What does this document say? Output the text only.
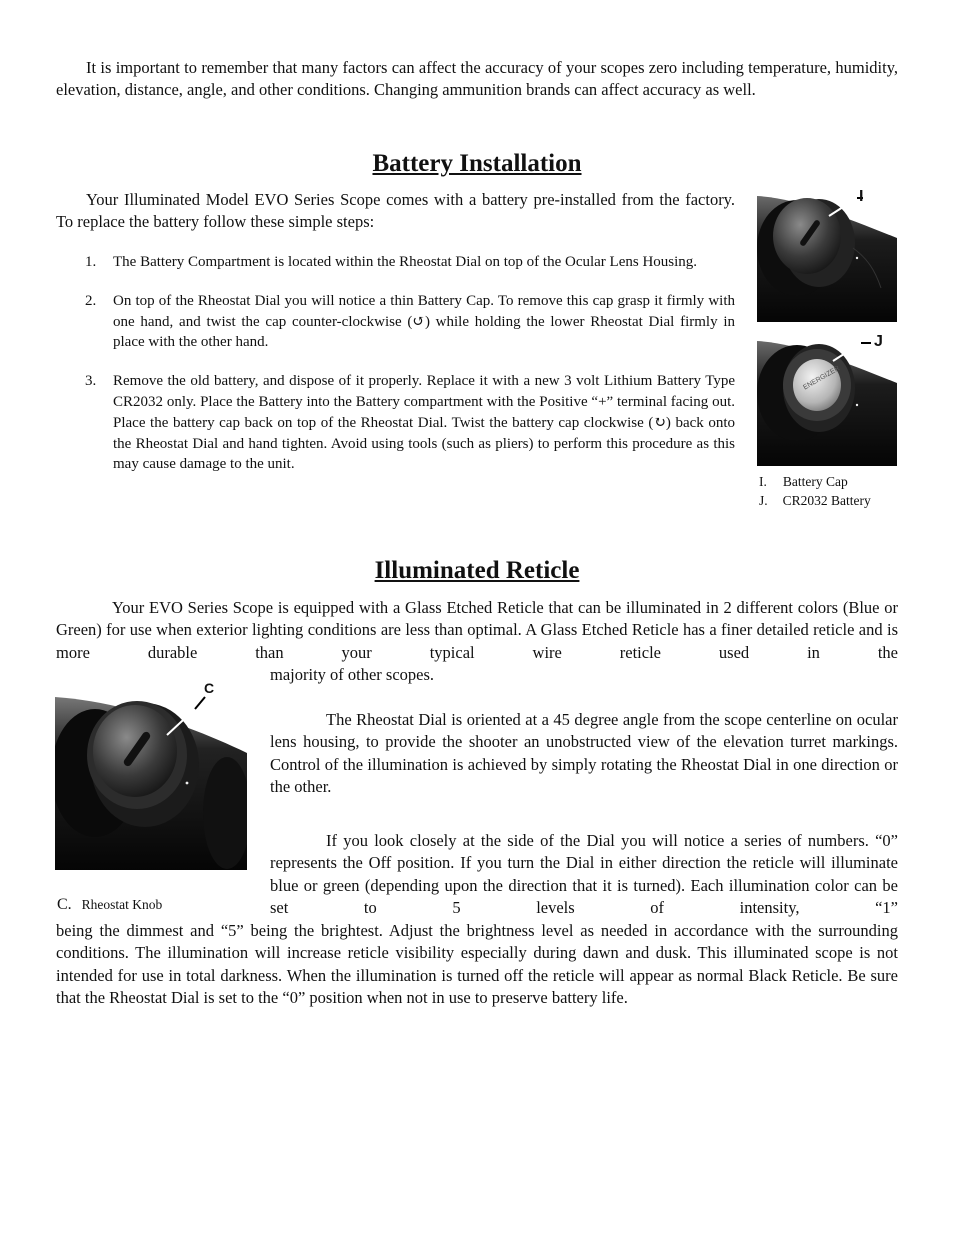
It is important to remember that many factors can affect the accuracy of your scopes zero including temperature, humidity, elevation, distance, angle, and other conditions. Changing ammunition brands can affect accuracy as well.

Battery Installation

Your Illuminated Model EVO Series Scope comes with a battery pre-installed from the factory. To replace the battery follow these simple steps:

1. The Battery Compartment is located within the Rheostat Dial on top of the Ocular Lens Housing.
2. On top of the Rheostat Dial you will notice a thin Battery Cap. To remove this cap grasp it firmly with one hand, and twist the cap counter-clockwise (↺) while holding the lower Rheostat Dial firmly in place with the other hand.
3. Remove the old battery, and dispose of it properly. Replace it with a new 3 volt Lithium Battery Type CR2032 only. Place the Battery into the Battery compartment with the Positive “+” terminal facing out. Place the battery cap back on top of the Rheostat Dial. Twist the battery cap clockwise (↻) back onto the Rheostat Dial and hand tighten. Avoid using tools (such as pliers) to perform this procedure as this may cause damage to the unit.
I
ENERGIZER
J
I. Battery Cap
J. CR2032 Battery
Illuminated Reticle

Your EVO Series Scope is equipped with a Glass Etched Reticle that can be illuminated in 2 different colors (Blue or Green) for use when exterior lighting conditions are less than optimal. A Glass Etched Reticle has a finer detailed reticle and is more durable than your typical wire reticle used in the

majority of other scopes.

C
C. Rheostat Knob

The Rheostat Dial is oriented at a 45 degree angle from the scope centerline on ocular lens housing, to provide the shooter an unobstructed view of the elevation turret markings. Control of the illumination is achieved by simply rotating the Rheostat Dial in one direction or the other.

If you look closely at the side of the Dial you will notice a series of numbers. “0” represents the Off position. If you turn the Dial in either direction the reticle will illuminate blue or green (depending upon the direction that it is turned). Each illumination color can be set to 5 levels of intensity, “1”

being the dimmest and “5” being the brightest. Adjust the brightness level as needed in accordance with the surrounding conditions. The illumination will increase reticle visibility especially during dawn and dusk. This illuminated scope is not intended for use in total darkness. When the illumination is turned off the reticle will appear as normal Black Reticle. Be sure that the Rheostat Dial is set to the “0” position when not in use to preserve battery life.
